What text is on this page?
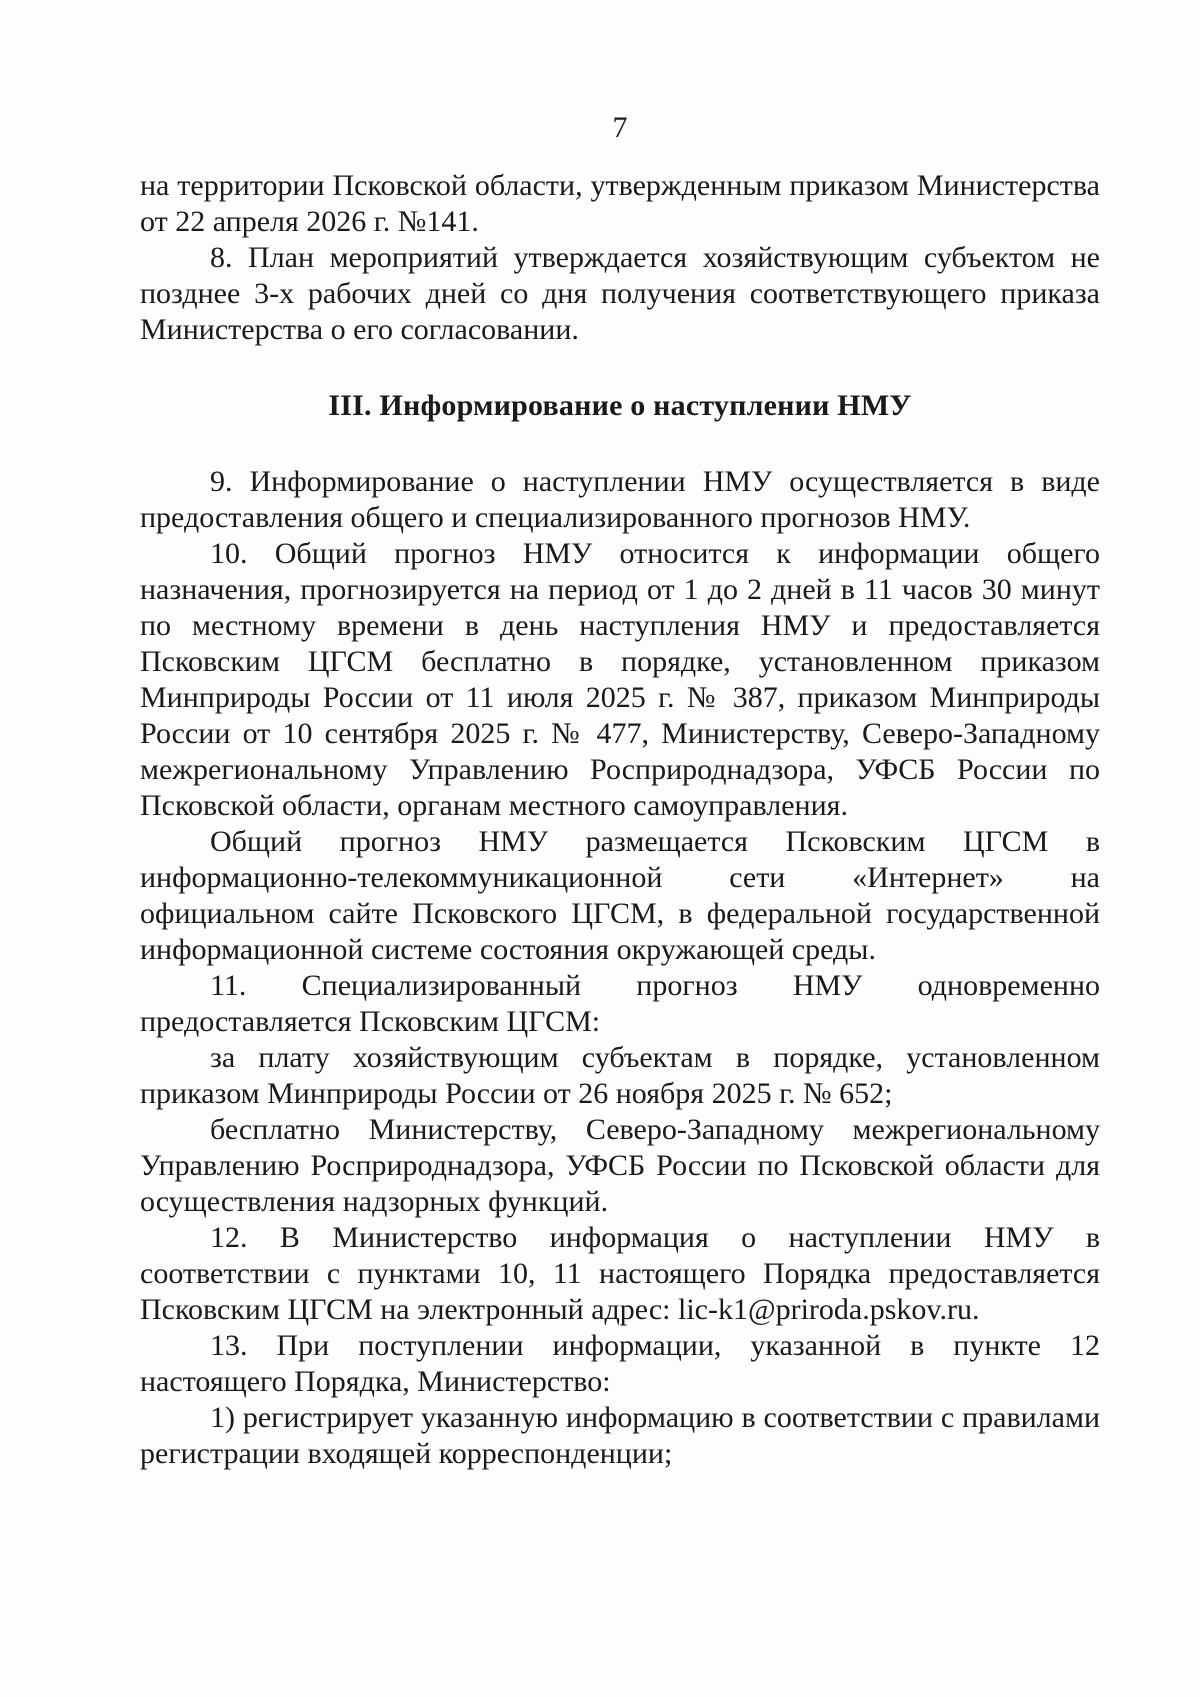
7

на территории Псковской области, утвержденным приказом Министерства от 22 апреля 2026 г. №141.

8. План мероприятий утверждается хозяйствующим субъектом не позднее 3-х рабочих дней со дня получения соответствующего приказа Министерства о его согласовании.

III. Информирование о наступлении НМУ

9. Информирование о наступлении НМУ осуществляется в виде предоставления общего и специализированного прогнозов НМУ.

10. Общий прогноз НМУ относится к информации общего назначения, прогнозируется на период от 1 до 2 дней в 11 часов 30 минут по местному времени в день наступления НМУ и предоставляется Псковским ЦГСМ бесплатно в порядке, установленном приказом Минприроды России от 11 июля 2025 г. № 387, приказом Минприроды России от 10 сентября 2025 г. № 477, Министерству, Северо-Западному межрегиональному Управлению Росприроднадзора, УФСБ России по Псковской области, органам местного самоуправления.

Общий прогноз НМУ размещается Псковским ЦГСМ в информационно-телекоммуникационной сети «Интернет» на официальном сайте Псковского ЦГСМ, в федеральной государственной информационной системе состояния окружающей среды.

11. Специализированный прогноз НМУ одновременно предоставляется Псковским ЦГСМ:

за плату хозяйствующим субъектам в порядке, установленном приказом Минприроды России от 26 ноября 2025 г. № 652;

бесплатно Министерству, Северо-Западному межрегиональному Управлению Росприроднадзора, УФСБ России по Псковской области для осуществления надзорных функций.

12. В Министерство информация о наступлении НМУ в соответствии с пунктами 10, 11 настоящего Порядка предоставляется Псковским ЦГСМ на электронный адрес: lic-k1@priroda.pskov.ru.

13. При поступлении информации, указанной в пункте 12 настоящего Порядка, Министерство:

1) регистрирует указанную информацию в соответствии с правилами регистрации входящей корреспонденции;
